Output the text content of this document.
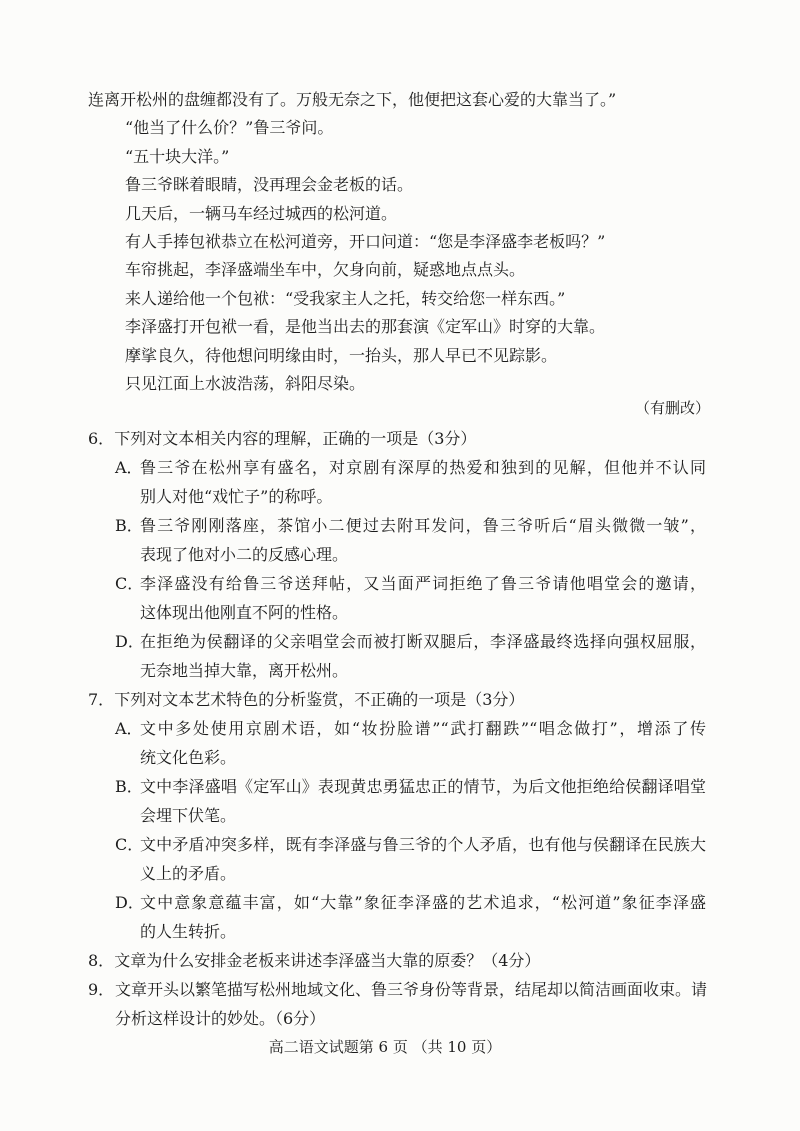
连离开松州的盘缠都没有了。万般无奈之下，他便把这套心爱的大靠当了。”
“他当了什么价？”鲁三爷问。
“五十块大洋。”
鲁三爷眯着眼睛，没再理会金老板的话。
几天后，一辆马车经过城西的松河道。
有人手捧包袱恭立在松河道旁，开口问道：“您是李泽盛李老板吗？”
车帘挑起，李泽盛端坐车中，欠身向前，疑惑地点点头。
来人递给他一个包袱：“受我家主人之托，转交给您一样东西。”
李泽盛打开包袱一看，是他当出去的那套演《定军山》时穿的大靠。
摩挲良久，待他想问明缘由时，一抬头，那人早已不见踪影。
只见江面上水波浩荡，斜阳尽染。
（有删改）
6．下列对文本相关内容的理解，正确的一项是（3分）
A．
鲁三爷在松州享有盛名，对京剧有深厚的热爱和独到的见解，但他并不认同
别人对他“戏忙子”的称呼。
B．
鲁三爷刚刚落座，茶馆小二便过去附耳发问，鲁三爷听后“眉头微微一皱”，
表现了他对小二的反感心理。
C．
李泽盛没有给鲁三爷送拜帖，又当面严词拒绝了鲁三爷请他唱堂会的邀请，
这体现出他刚直不阿的性格。
D．
在拒绝为侯翻译的父亲唱堂会而被打断双腿后，李泽盛最终选择向强权屈服，
无奈地当掉大靠，离开松州。
7．下列对文本艺术特色的分析鉴赏，不正确的一项是（3分）
A．
文中多处使用京剧术语，如“妆扮脸谱”“武打翻跌”“唱念做打”，增添了传
统文化色彩。
B．
文中李泽盛唱《定军山》表现黄忠勇猛忠正的情节，为后文他拒绝给侯翻译唱堂
会埋下伏笔。
C．
文中矛盾冲突多样，既有李泽盛与鲁三爷的个人矛盾，也有他与侯翻译在民族大
义上的矛盾。
D．
文中意象意蕴丰富，如“大靠”象征李泽盛的艺术追求，“松河道”象征李泽盛
的人生转折。
8．文章为什么安排金老板来讲述李泽盛当大靠的原委？（4分）
9． 文章开头以繁笔描写松州地域文化、鲁三爷身份等背景，结尾却以简洁画面收束。请
分析这样设计的妙处。（6分）
高二语文试题第 6 页 （共 10 页）
